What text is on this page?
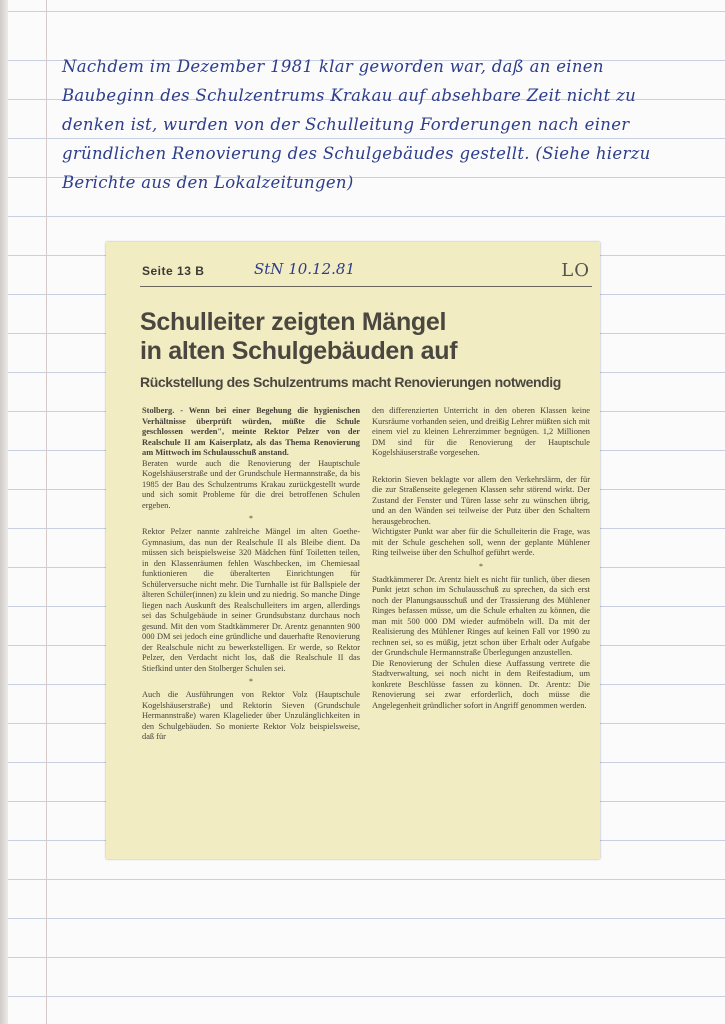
Nachdem im Dezember 1981 klar geworden war, daß an einen Baubeginn des Schulzentrums Krakau auf absehbare Zeit nicht zu denken ist, wurden von der Schulleitung Forderungen nach einer gründlichen Renovierung des Schulgebäudes gestellt. (Siehe hierzu Berichte aus den Lokalzeitungen)

Seite 13 B	StN 10.12.81	LO
Schulleiter zeigten Mängel
in alten Schulgebäuden auf
Rückstellung des Schulzentrums macht Renovierungen notwendig

Stolberg. - Wenn bei einer Begehung die hygienischen Verhältnisse überprüft würden, müßte die Schule geschlossen werden", meinte Rektor Pelzer von der Realschule II am Kaiserplatz, als das Thema Renovierung am Mittwoch im Schulausschuß anstand.

Beraten wurde auch die Renovierung der Hauptschule Kogelshäuserstraße und der Grundschule Hermannstraße, da bis 1985 der Bau des Schulzentrums Krakau zurückgestellt wurde und sich somit Probleme für die drei betroffenen Schulen ergeben.

*

Rektor Pelzer nannte zahlreiche Mängel im alten Goethe-Gymnasium, das nun der Realschule II als Bleibe dient. Da müssen sich beispielsweise 320 Mädchen fünf Toiletten teilen, in den Klassenräumen fehlen Waschbecken, im Chemiesaal funktionieren die überalterten Einrichtungen für Schülerversuche nicht mehr. Die Turnhalle ist für Ballspiele der älteren Schüler(innen) zu klein und zu niedrig. So manche Dinge liegen nach Auskunft des Realschulleiters im argen, allerdings sei das Schulgebäude in seiner Grundsubstanz durchaus noch gesund. Mit den vom Stadtkämmerer Dr. Arentz genannten 900 000 DM sei jedoch eine gründliche und dauerhafte Renovierung der Realschule nicht zu bewerkstelligen. Er werde, so Rektor Pelzer, den Verdacht nicht los, daß die Realschule II das Stiefkind unter den Stolberger Schulen sei.

*

Auch die Ausführungen von Rektor Volz (Hauptschule Kogelshäuserstraße) und Rektorin Sieven (Grundschule Hermannstraße) waren Klagelieder über Unzulänglichkeiten in den Schulgebäuden. So monierte Rektor Volz beispielsweise, daß für

den differenzierten Unterricht in den oberen Klassen keine Kursräume vorhanden seien, und dreißig Lehrer müßten sich mit einem viel zu kleinen Lehrerzimmer begnügen. 1,2 Millionen DM sind für die Renovierung der Hauptschule Kogelshäuserstraße vorgesehen.

Rektorin Sieven beklagte vor allem den Verkehrslärm, der für die zur Straßenseite gelegenen Klassen sehr störend wirkt. Der Zustand der Fenster und Türen lasse sehr zu wünschen übrig, und an den Wänden sei teilweise der Putz über den Schaltern herausgebrochen.

Wichtigster Punkt war aber für die Schulleiterin die Frage, was mit der Schule geschehen soll, wenn der geplante Mühlener Ring teilweise über den Schulhof geführt werde.

*

Stadtkämmerer Dr. Arentz hielt es nicht für tunlich, über diesen Punkt jetzt schon im Schulausschuß zu sprechen, da sich erst noch der Planungsausschuß und der Trassierung des Mühlener Ringes befassen müsse, um die Schule erhalten zu können, die man mit 500 000 DM wieder aufmöbeln will. Da mit der Realisierung des Mühlener Ringes auf keinen Fall vor 1990 zu rechnen sei, so es müßig, jetzt schon über Erhalt oder Aufgabe der Grundschule Hermannstraße Überlegungen anzustellen.

Die Renovierung der Schulen diese Auffassung vertrete die Stadtverwaltung, sei noch nicht in dem Reifestadium, um konkrete Beschlüsse fassen zu können. Dr. Arentz: Die Renovierung sei zwar erforderlich, doch müsse die Angelegenheit gründlicher sofort in Angriff genommen werden.
